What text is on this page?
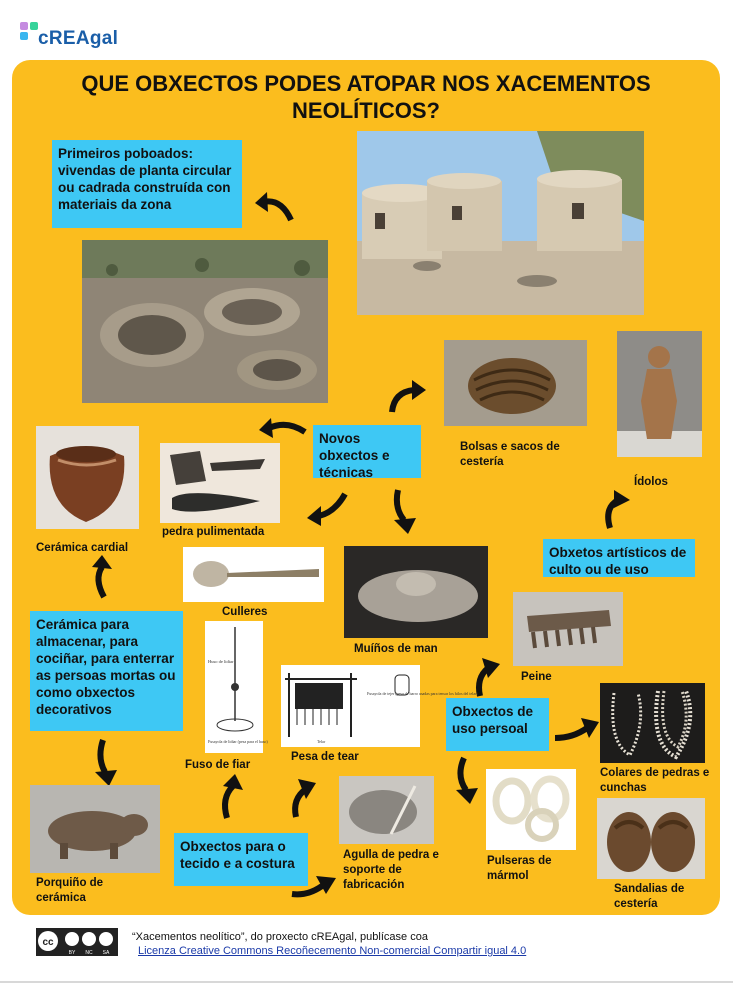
cREAgal
QUE OBXECTOS PODES ATOPAR NOS XACEMENTOS NEOLÍTICOS?
Primeiros poboados: vivendas de planta circular ou cadrada construída con materiais da zona
Novos obxectos e técnicas
Bolsas e sacos de cestería
Ídolos
Obxetos artísticos de culto ou de uso
pedra pulimentada
Cerámica cardial
Cerámica para almacenar, para cociñar, para enterrar as persoas mortas ou como obxectos decorativos
Culleres
Muíños de man
Peine
Obxectos de uso persoal
Colares de pedras e cunchas
Huso de lidiar
Fusayola de lidiar (pesa para el huso)
Fuso de fiar
Fusayola de tejer (pesa de barro usadas para tensar los hilos del telar)
Telar
Pesa de tear
Porquiño de cerámica
Obxectos para o tecido e a costura
Agulla de pedra e soporte de fabricación
Pulseras de mármol
Sandalias de cestería
cc
BY NC SA
“Xacementos neolítico”, do proxecto cREAgal, publícase coa
Licenza Creative Commons Recoñecemento Non-comercial Compartir igual 4.0
